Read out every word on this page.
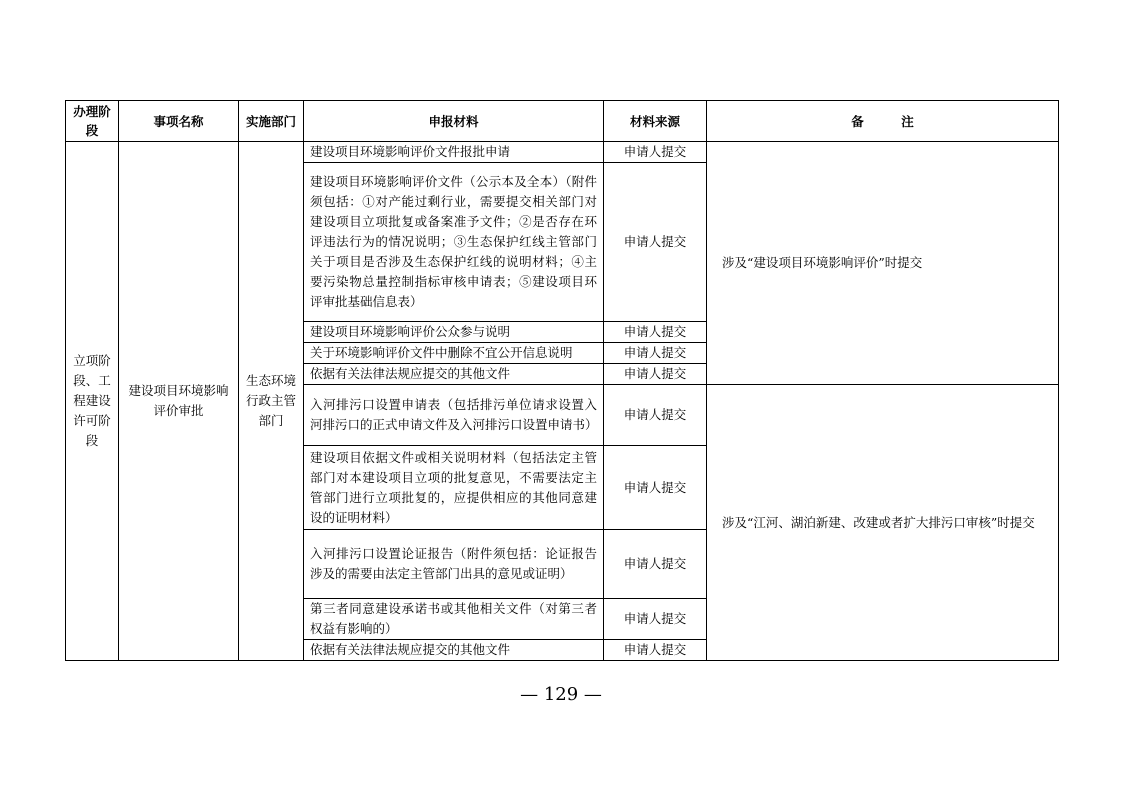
办理阶段	事项名称	实施部门	申报材料	材料来源	备　　　注
立项阶段、工程建设许可阶段	建设项目环境影响评价审批	生态环境行政主管部门	建设项目环境影响评价文件报批申请	申请人提交	涉及“建设项目环境影响评价”时提交
			建设项目环境影响评价文件（公示本及全本）（附件须包括：①对产能过剩行业，需要提交相关部门对建设项目立项批复或备案准予文件；②是否存在环评违法行为的情况说明；③生态保护红线主管部门关于项目是否涉及生态保护红线的说明材料；④主要污染物总量控制指标审核申请表；⑤建设项目环评审批基础信息表）	申请人提交	
			建设项目环境影响评价公众参与说明	申请人提交	
			关于环境影响评价文件中删除不宜公开信息说明	申请人提交	
			依据有关法律法规应提交的其他文件	申请人提交	
			入河排污口设置申请表（包括排污单位请求设置入河排污口的正式申请文件及入河排污口设置申请书）	申请人提交	涉及“江河、湖泊新建、改建或者扩大排污口审核”时提交
			建设项目依据文件或相关说明材料（包括法定主管部门对本建设项目立项的批复意见，不需要法定主管部门进行立项批复的，应提供相应的其他同意建设的证明材料）	申请人提交	
			入河排污口设置论证报告（附件须包括：论证报告涉及的需要由法定主管部门出具的意见或证明）	申请人提交	
			第三者同意建设承诺书或其他相关文件（对第三者权益有影响的）	申请人提交	
			依据有关法律法规应提交的其他文件	申请人提交	
— 129 —
